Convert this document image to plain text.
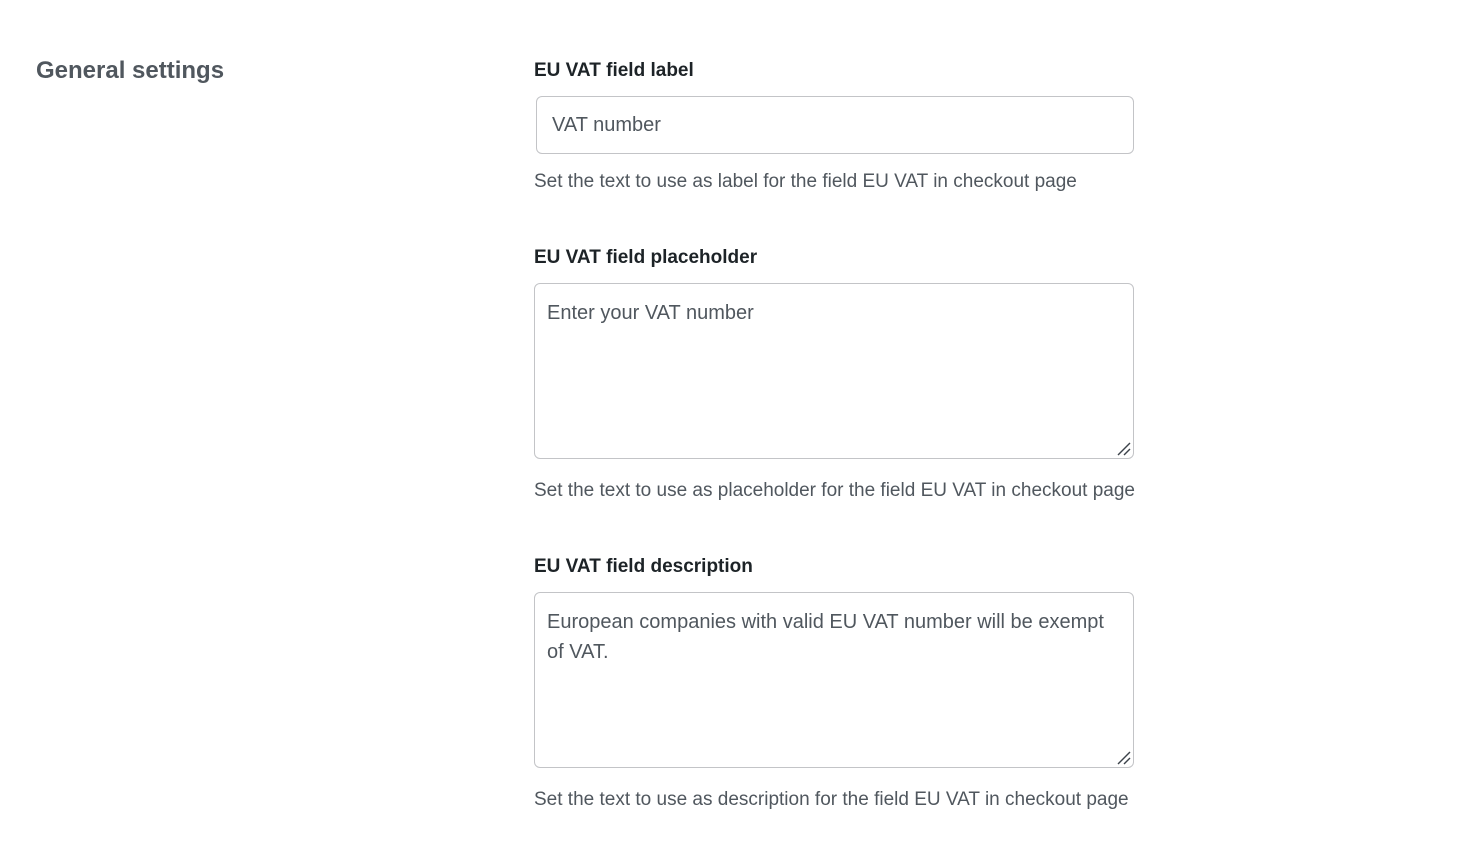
General settings	EU VAT field label
VAT number

Set the text to use as label for the field EU VAT in checkout page

EU VAT field placeholder
Enter your VAT number

Set the text to use as placeholder for the field EU VAT in checkout page

EU VAT field description
European companies with valid EU VAT number will be exempt of VAT.

Set the text to use as description for the field EU VAT in checkout page
